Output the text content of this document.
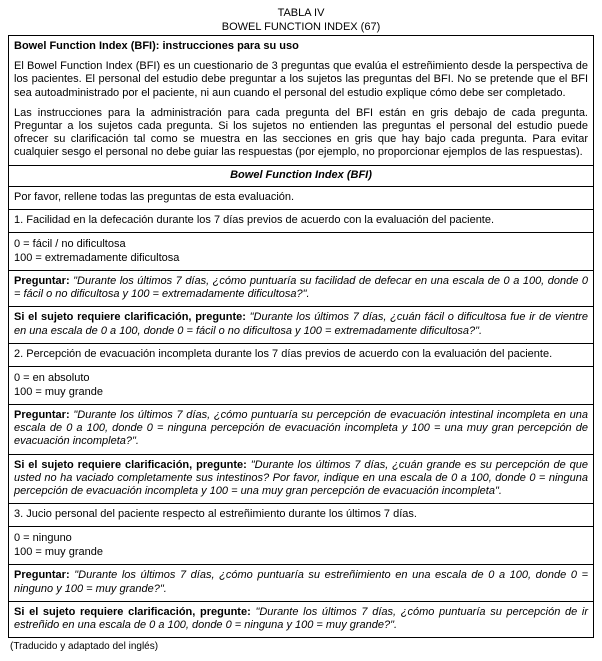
TABLA IV
BOWEL FUNCTION INDEX (67)

Bowel Function Index (BFI): instrucciones para su uso

El Bowel Function Index (BFI) es un cuestionario de 3 preguntas que evalúa el estreñimiento desde la perspectiva de los pacientes. El personal del estudio debe preguntar a los sujetos las preguntas del BFI. No se pretende que el BFI sea autoadministrado por el paciente, ni aun cuando el personal del estudio explique cómo debe ser completado.

Las instrucciones para la administración para cada pregunta del BFI están en gris debajo de cada pregunta. Preguntar a los sujetos cada pregunta. Si los sujetos no entienden las preguntas el personal del estudio puede ofrecer su clarificación tal como se muestra en las secciones en gris que hay bajo cada pregunta. Para evitar cualquier sesgo el personal no debe guiar las respuestas (por ejemplo, no proporcionar ejemplos de las respuestas).

Bowel Function Index (BFI)
Por favor, rellene todas las preguntas de esta evaluación.
1. Facilidad en la defecación durante los 7 días previos de acuerdo con la evaluación del paciente.
0 = fácil / no dificultosa
100 = extremadamente dificultosa
Preguntar: "Durante los últimos 7 días, ¿cómo puntuaría su facilidad de defecar en una escala de 0 a 100, donde 0 = fácil o no dificultosa y 100 = extremadamente dificultosa?".
Si el sujeto requiere clarificación, pregunte: "Durante los últimos 7 días, ¿cuán fácil o dificultosa fue ir de vientre en una escala de 0 a 100, donde 0 = fácil o no dificultosa y 100 = extremadamente dificultosa?".
2. Percepción de evacuación incompleta durante los 7 días previos de acuerdo con la evaluación del paciente.
0 = en absoluto
100 = muy grande
Preguntar: "Durante los últimos 7 días, ¿cómo puntuaría su percepción de evacuación intestinal incompleta en una escala de 0 a 100, donde 0 = ninguna percepción de evacuación incompleta y 100 = una muy gran percepción de evacuación incompleta?".
Si el sujeto requiere clarificación, pregunte: "Durante los últimos 7 días, ¿cuán grande es su percepción de que usted no ha vaciado completamente sus intestinos? Por favor, indique en una escala de 0 a 100, donde 0 = ninguna percepción de evacuación incompleta y 100 = una muy gran percepción de evacuación incompleta".
3. Jucio personal del paciente respecto al estreñimiento durante los últimos 7 días.
0 = ninguno
100 = muy grande
Preguntar: "Durante los últimos 7 días, ¿cómo puntuaría su estreñimiento en una escala de 0 a 100, donde 0 = ninguno y 100 = muy grande?".
Si el sujeto requiere clarificación, pregunte: "Durante los últimos 7 días, ¿cómo puntuaría su percepción de ir estreñido en una escala de 0 a 100, donde 0 = ninguna y 100 = muy grande?".
(Traducido y adaptado del inglés)
